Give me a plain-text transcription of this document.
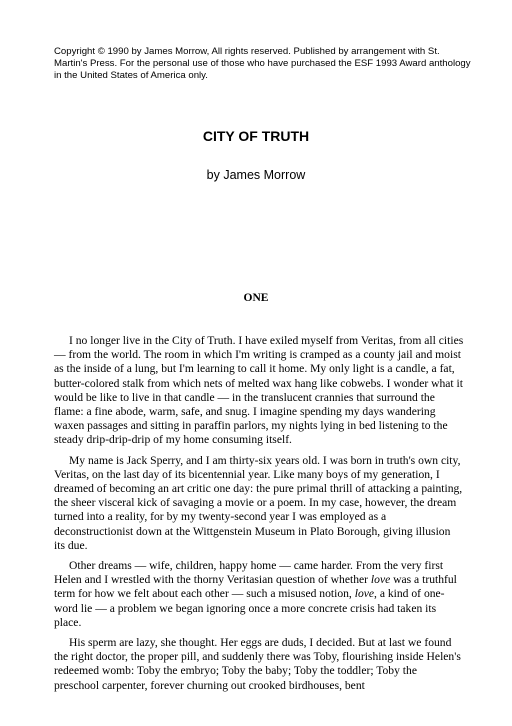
Copyright © 1990 by James Morrow, All rights reserved. Published by arrangement with St. Martin's Press. For the personal use of those who have purchased the ESF 1993 Award anthology in the United States of America only.

CITY OF TRUTH

by James Morrow

ONE

I no longer live in the City of Truth. I have exiled myself from Veritas, from all cities — from the world. The room in which I'm writing is cramped as a county jail and moist as the inside of a lung, but I'm learning to call it home. My only light is a candle, a fat, butter-colored stalk from which nets of melted wax hang like cobwebs. I wonder what it would be like to live in that candle — in the translucent crannies that surround the flame: a fine abode, warm, safe, and snug. I imagine spending my days wandering waxen passages and sitting in paraffin parlors, my nights lying in bed listening to the steady drip-drip-drip of my home consuming itself.

My name is Jack Sperry, and I am thirty-six years old. I was born in truth's own city, Veritas, on the last day of its bicentennial year. Like many boys of my generation, I dreamed of becoming an art critic one day: the pure primal thrill of attacking a painting, the sheer visceral kick of savaging a movie or a poem. In my case, however, the dream turned into a reality, for by my twenty-second year I was employed as a deconstructionist down at the Wittgenstein Museum in Plato Borough, giving illusion its due.

Other dreams — wife, children, happy home — came harder. From the very first Helen and I wrestled with the thorny Veritasian question of whether love was a truthful term for how we felt about each other — such a misused notion, love, a kind of one-word lie — a problem we began ignoring once a more concrete crisis had taken its place.

His sperm are lazy, she thought. Her eggs are duds, I decided. But at last we found the right doctor, the proper pill, and suddenly there was Toby, flourishing inside Helen's redeemed womb: Toby the embryo; Toby the baby; Toby the toddler; Toby the preschool carpenter, forever churning out crooked birdhouses, bent
